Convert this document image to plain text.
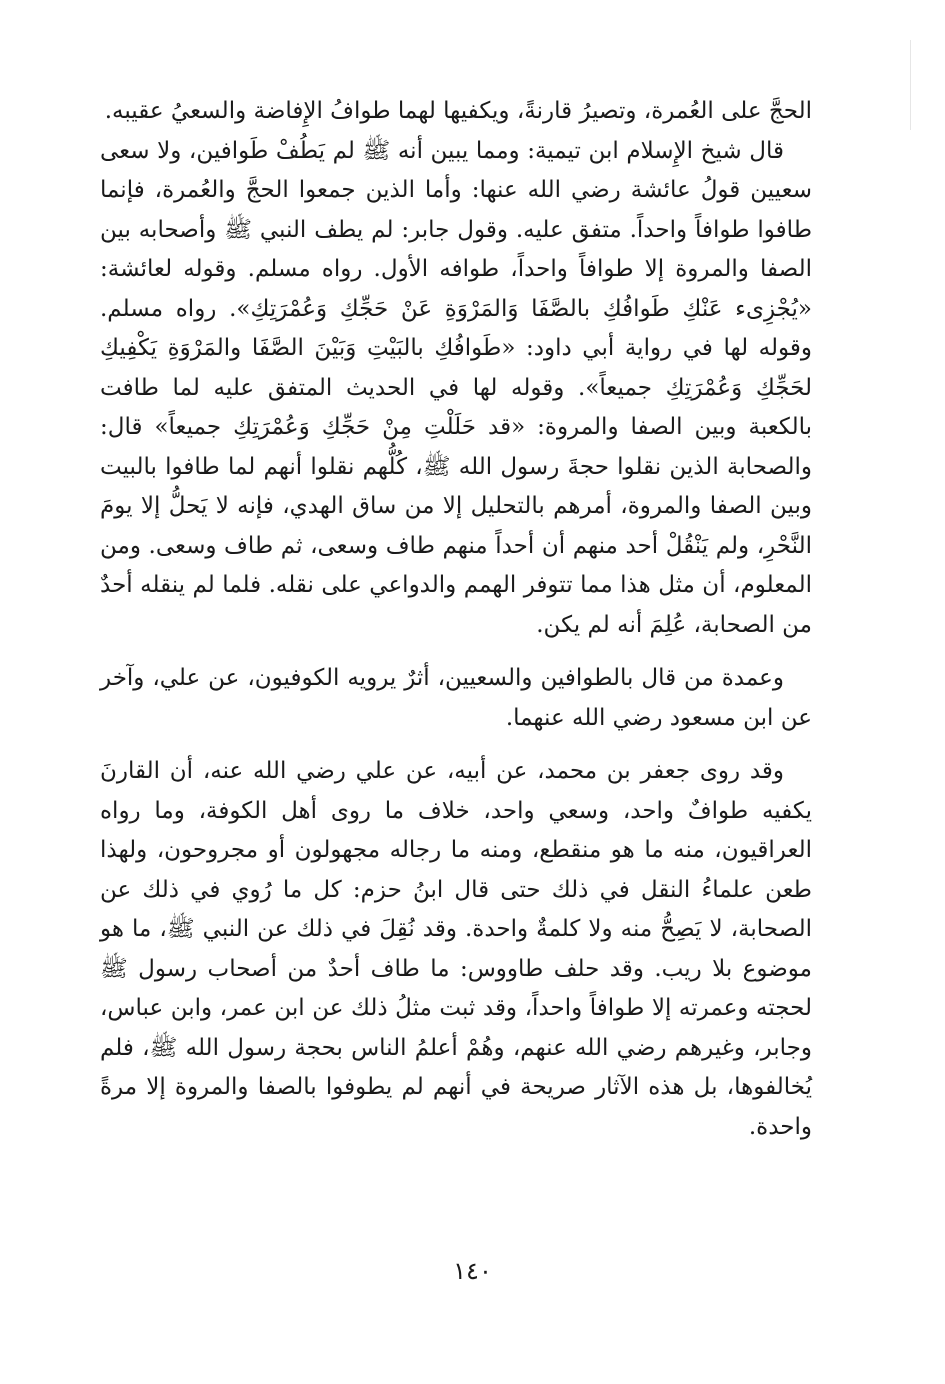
الحجَّ على العُمرة، وتصيرُ قارنةً، ويكفيها لهما طوافُ الإِفاضة والسعيُ عقيبه.

قال شيخ الإِسلام ابن تيمية: ومما يبين أنه ﷺ لم يَطُفْ طَوافين، ولا سعى سعيين قولُ عائشة رضي الله عنها: وأما الذين جمعوا الحجَّ والعُمرة، فإنما طافوا طوافاً واحداً. متفق عليه. وقول جابر: لم يطف النبي ﷺ وأصحابه بين الصفا والمروة إلا طوافاً واحداً، طوافه الأول. رواه مسلم. وقوله لعائشة: «يُجْزِىء عَنْكِ طَوافُكِ بالصَّفَا وَالمَرْوَةِ عَنْ حَجِّكِ وَعُمْرَتِكِ». رواه مسلم. وقوله لها في رواية أبي داود: «طَوافُكِ بالبَيْتِ وَبَيْنَ الصَّفَا والمَرْوَةِ يَكْفِيكِ لحَجِّكِ وَعُمْرَتِكِ جميعاً». وقوله لها في الحديث المتفق عليه لما طافت بالكعبة وبين الصفا والمروة: «قد حَلَلْتِ مِنْ حَجِّكِ وَعُمْرَتِكِ جميعاً» قال: والصحابة الذين نقلوا حجةَ رسول الله ﷺ، كُلُّهم نقلوا أنهم لما طافوا بالبيت وبين الصفا والمروة، أمرهم بالتحليل إلا من ساق الهدي، فإنه لا يَحلُّ إلا يومَ النَّحْرِ، ولم يَنْقُلْ أحد منهم أن أحداً منهم طاف وسعى، ثم طاف وسعى. ومن المعلوم، أن مثل هذا مما تتوفر الهمم والدواعي على نقله. فلما لم ينقله أحدٌ من الصحابة، عُلِمَ أنه لم يكن.

وعمدة من قال بالطوافين والسعيين، أثرٌ يرويه الكوفيون، عن علي، وآخر عن ابن مسعود رضي الله عنهما.

وقد روى جعفر بن محمد، عن أبيه، عن علي رضي الله عنه، أن القارنَ يكفيه طوافٌ واحد، وسعي واحد، خلاف ما روى أهل الكوفة، وما رواه العراقيون، منه ما هو منقطع، ومنه ما رجاله مجهولون أو مجروحون، ولهذا طعن علماءُ النقل في ذلك حتى قال ابنُ حزم: كل ما رُوي في ذلك عن الصحابة، لا يَصِحُّ منه ولا كلمةٌ واحدة. وقد نُقِلَ في ذلك عن النبي ﷺ، ما هو موضوع بلا ريب. وقد حلف طاووس: ما طاف أحدٌ من أصحاب رسول ﷺ لحجته وعمرته إلا طوافاً واحداً، وقد ثبت مثلُ ذلك عن ابن عمر، وابن عباس، وجابر، وغيرهم رضي الله عنهم، وهُمْ أعلمُ الناس بحجة رسول الله ﷺ، فلم يُخالفوها، بل هذه الآثار صريحة في أنهم لم يطوفوا بالصفا والمروة إلا مرةً واحدة.

١٤٠
